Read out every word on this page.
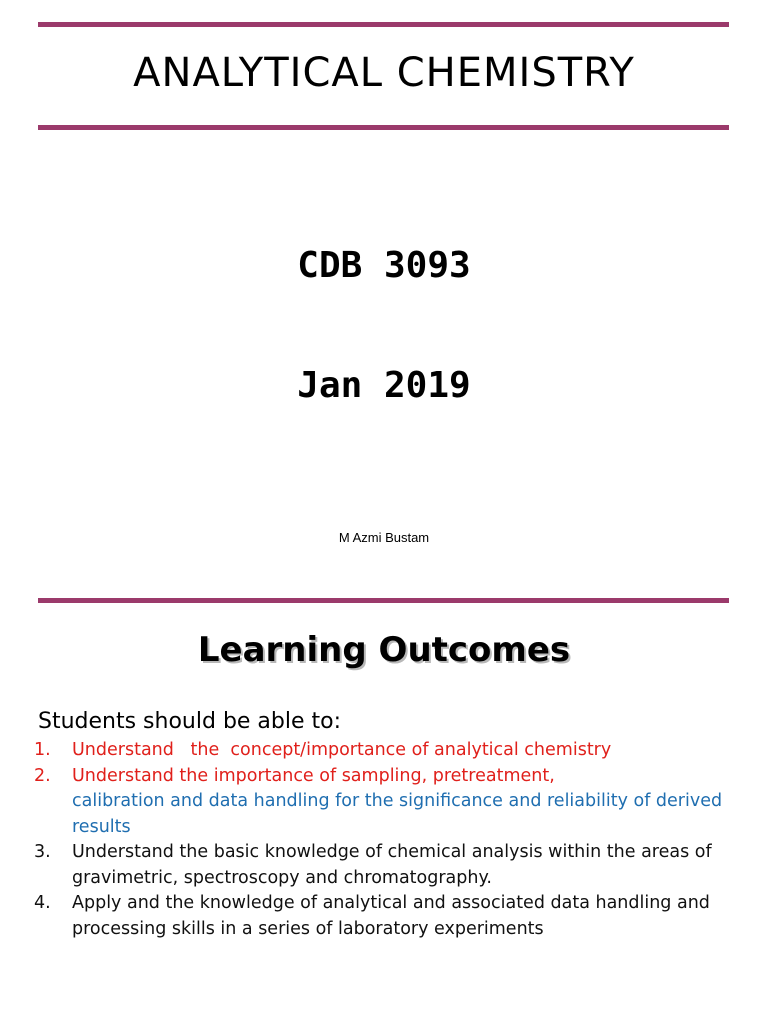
ANALYTICAL CHEMISTRY
CDB 3093
Jan 2019
M Azmi Bustam
Learning Outcomes
Students should be able to:
1. Understand   the  concept/importance of analytical chemistry
2. Understand the importance of sampling, pretreatment,
calibration and data handling for the significance and reliability of derived results
3. Understand the basic knowledge of chemical analysis within the areas of gravimetric, spectroscopy and chromatography.
4. Apply and the knowledge of analytical and associated data handling and processing skills in a series of laboratory experiments
